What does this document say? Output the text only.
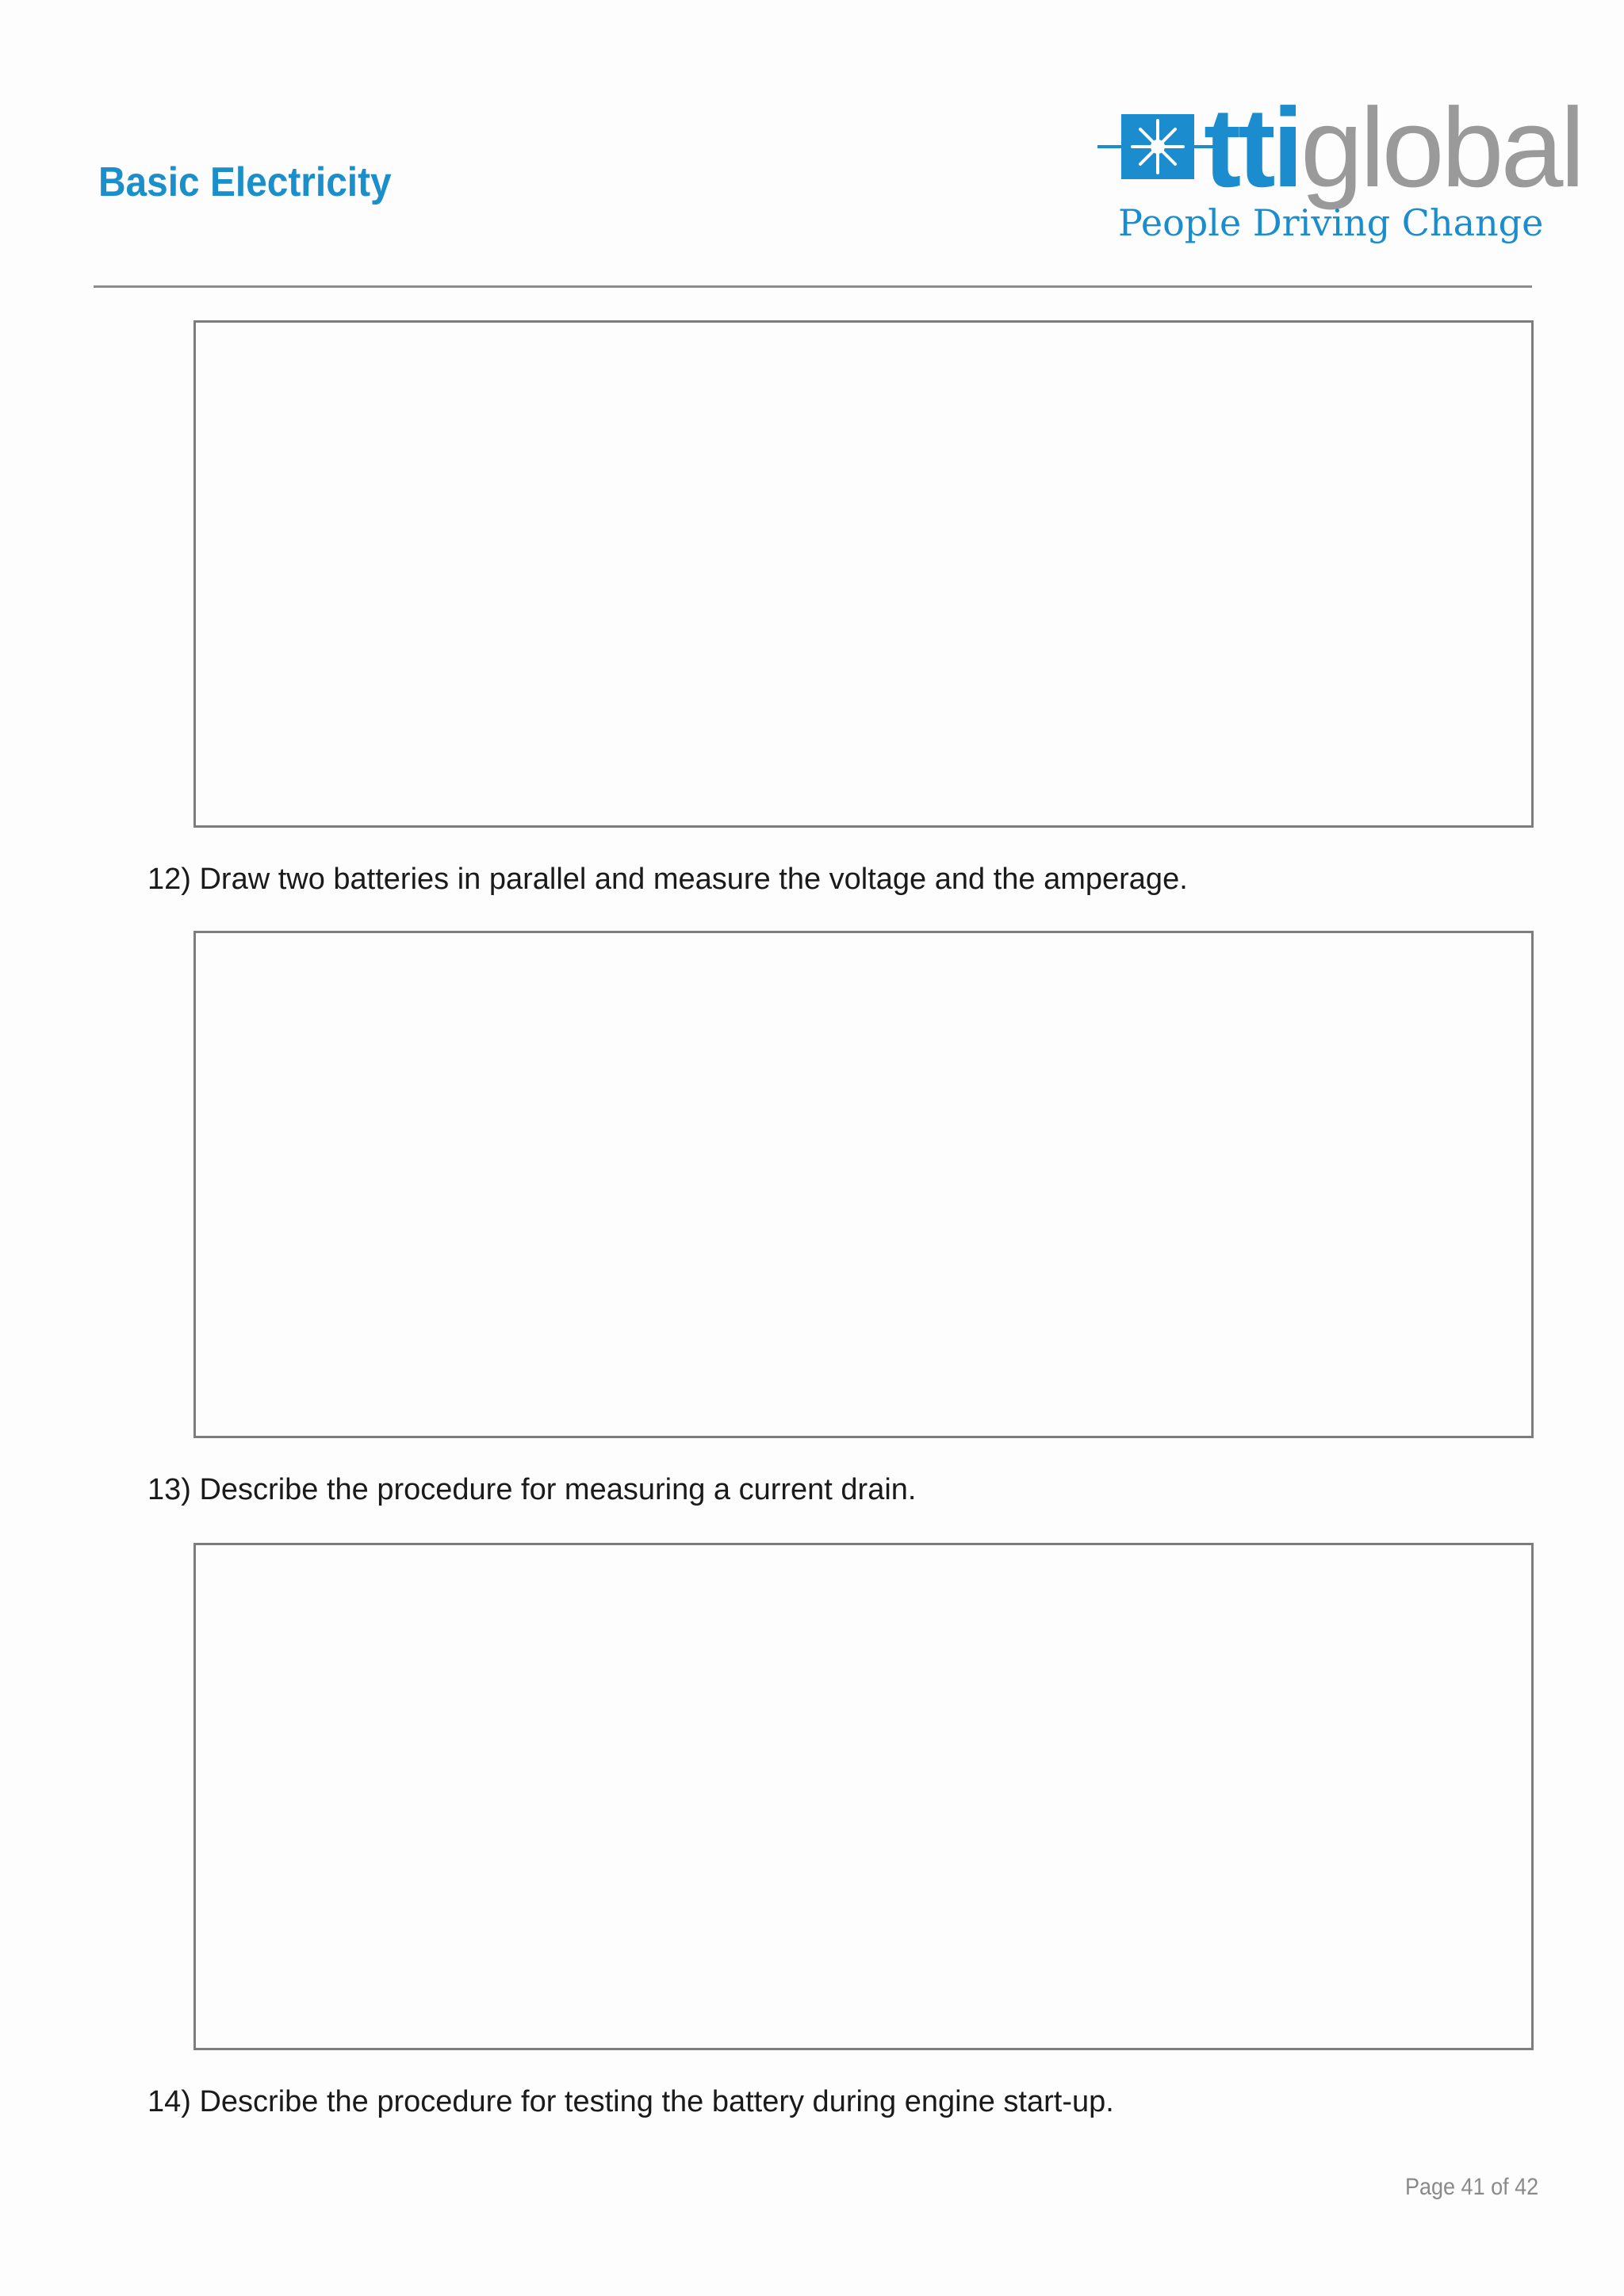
Basic Electricity	ttiglobal
People Driving Change
12) Draw two batteries in parallel and measure the voltage and the amperage.
13) Describe the procedure for measuring a current drain.
14) Describe the procedure for testing the battery during engine start-up.
Page 41 of 42
